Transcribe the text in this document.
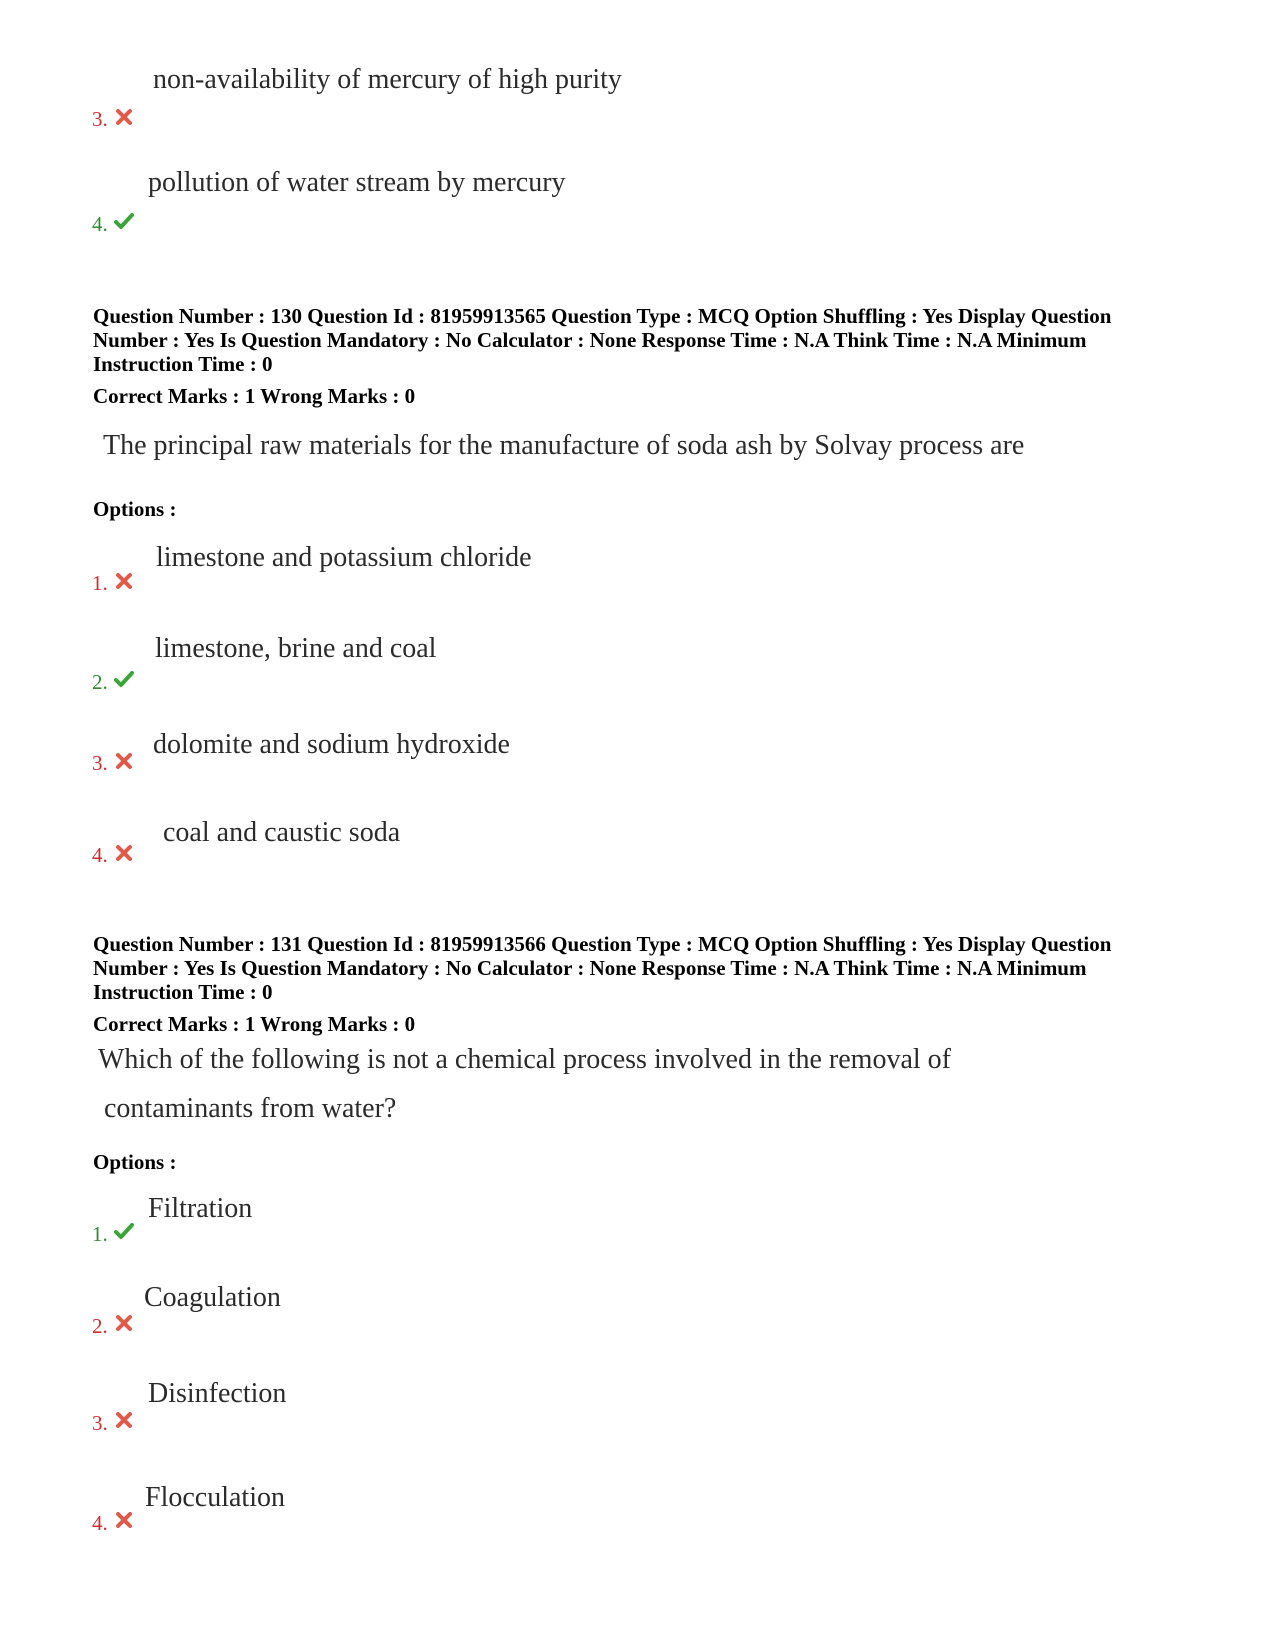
non-availability of mercury of high purity
3.
pollution of water stream by mercury
4.
Question Number : 130 Question Id : 81959913565 Question Type : MCQ Option Shuffling : Yes Display Question
Number : Yes Is Question Mandatory : No Calculator : None Response Time : N.A Think Time : N.A Minimum
Instruction Time : 0
Correct Marks : 1 Wrong Marks : 0
The principal raw materials for the manufacture of soda ash by Solvay process are
Options :
limestone and potassium chloride
1.
limestone, brine and coal
2.
dolomite and sodium hydroxide
3.
coal and caustic soda
4.
Question Number : 131 Question Id : 81959913566 Question Type : MCQ Option Shuffling : Yes Display Question
Number : Yes Is Question Mandatory : No Calculator : None Response Time : N.A Think Time : N.A Minimum
Instruction Time : 0
Correct Marks : 1 Wrong Marks : 0
Which of the following is not a chemical process involved in the removal of
contaminants from water?
Options :
Filtration
1.
Coagulation
2.
Disinfection
3.
Flocculation
4.
